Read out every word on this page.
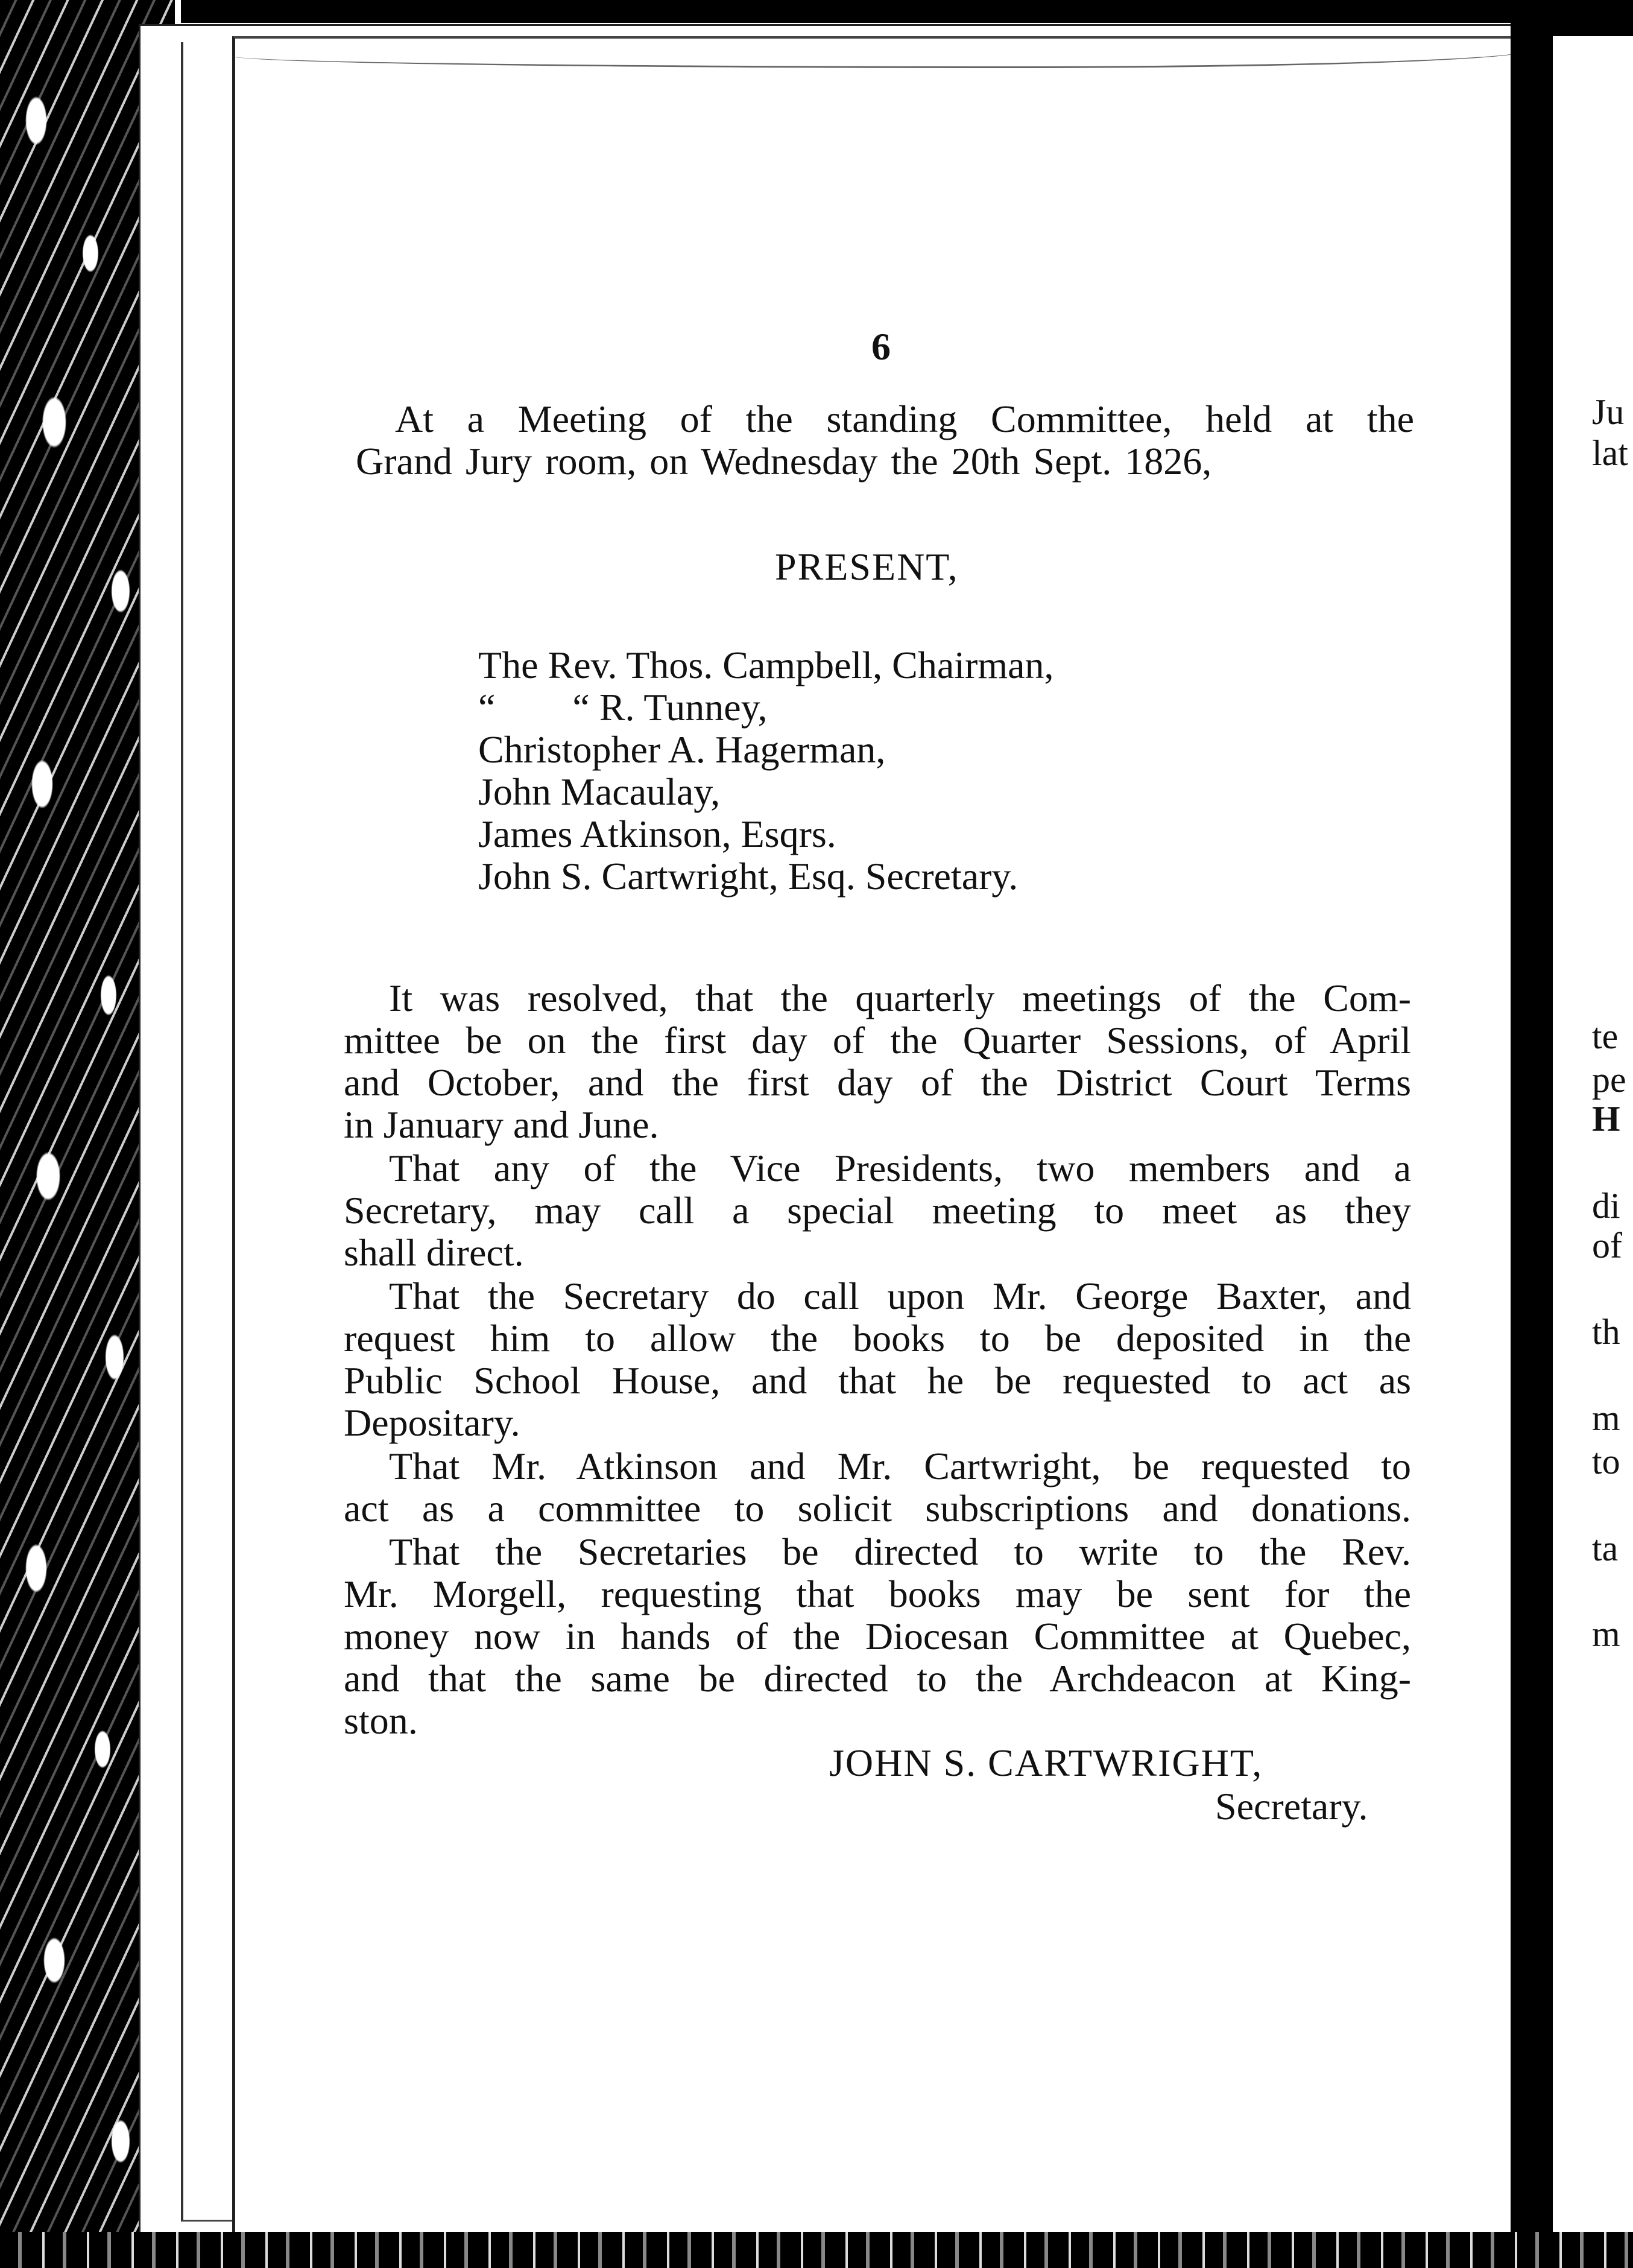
6
At a Meeting of the standing Committee, held at the
Grand Jury room, on Wednesday the 20th Sept. 1826,
PRESENT,
The Rev. Thos. Campbell, Chairman,
“        “ R. Tunney,
Christopher A. Hagerman,
John Macaulay,
James Atkinson, Esqrs.
John S. Cartwright, Esq. Secretary.
It was resolved, that the quarterly meetings of the Com-
mittee be on the first day of the Quarter Sessions, of April
and October, and the first day of the District Court Terms
in January and June.
That any of the Vice Presidents, two members and a
Secretary, may call a special meeting to meet as they
shall direct.
That the Secretary do call upon Mr. George Baxter, and
request him to allow the books to be deposited in the
Public School House, and that he be requested to act as
Depositary.
That Mr. Atkinson and Mr. Cartwright, be requested to
act as a committee to solicit subscriptions and donations.
That the Secretaries be directed to write to the Rev.
Mr. Morgell, requesting that books may be sent for the
money now in hands of the Diocesan Committee at Quebec,
and that the same be directed to the Archdeacon at King-
ston.
JOHN S. CARTWRIGHT,
Secretary.
Ju
lat
te
pe
H
di
of
th
m
to
ta
m
